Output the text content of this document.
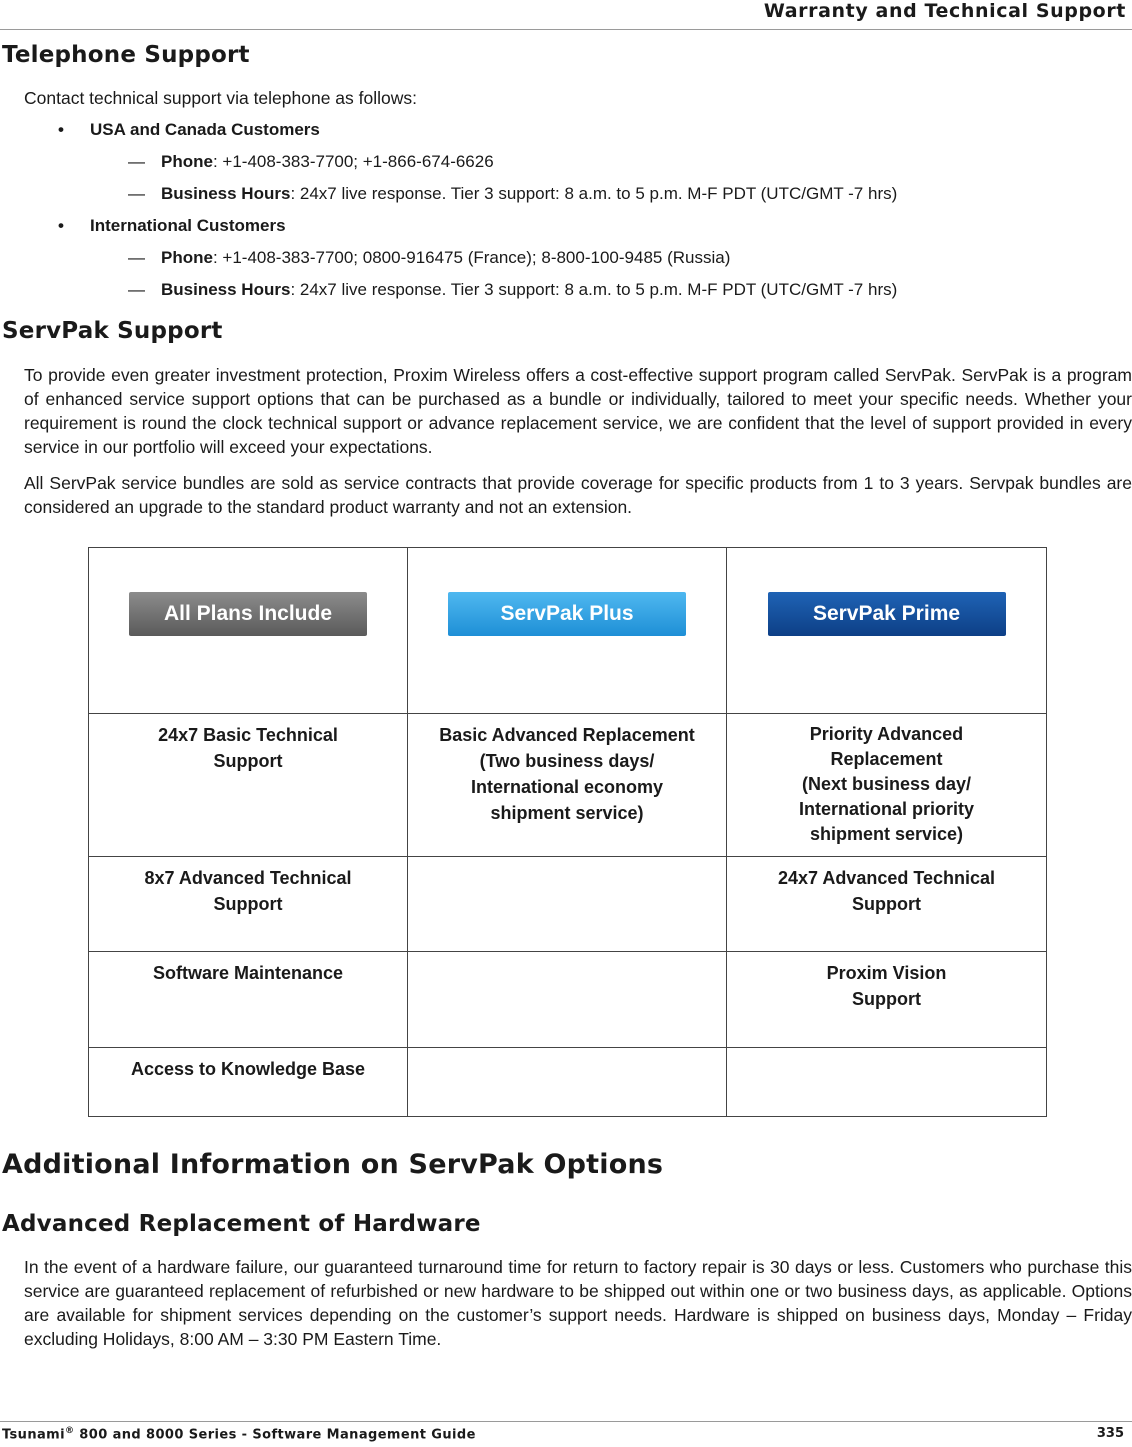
Warranty and Technical Support
Telephone Support

Contact technical support via telephone as follows:

• USA and Canada Customers
— Phone: +1-408-383-7700; +1-866-674-6626
— Business Hours: 24x7 live response. Tier 3 support: 8 a.m. to 5 p.m. M-F PDT (UTC/GMT -7 hrs)
• International Customers
— Phone: +1-408-383-7700; 0800-916475 (France); 8-800-100-9485 (Russia)
— Business Hours: 24x7 live response. Tier 3 support: 8 a.m. to 5 p.m. M-F PDT (UTC/GMT -7 hrs)
ServPak Support

To provide even greater investment protection, Proxim Wireless offers a cost-effective support program called ServPak. ServPak is a program of enhanced service support options that can be purchased as a bundle or individually, tailored to meet your specific needs. Whether your requirement is round the clock technical support or advance replacement service, we are confident that the level of support provided in every service in our portfolio will exceed your expectations.

All ServPak service bundles are sold as service contracts that provide coverage for specific products from 1 to 3 years. Servpak bundles are considered an upgrade to the standard product warranty and not an extension.

All Plans Include	ServPak Plus	ServPak Prime

24x7 Basic Technical
Support	Basic Advanced Replacement
(Two business days/
International economy
shipment service)	Priority Advanced
Replacement
(Next business day/
International priority
shipment service)

8x7 Advanced Technical
Support		24x7 Advanced Technical
Support

Software Maintenance		Proxim Vision
Support

Access to Knowledge Base		

Additional Information on ServPak Options
Advanced Replacement of Hardware

In the event of a hardware failure, our guaranteed turnaround time for return to factory repair is 30 days or less. Customers who purchase this service are guaranteed replacement of refurbished or new hardware to be shipped out within one or two business days, as applicable. Options are available for shipment services depending on the customer’s support needs. Hardware is shipped on business days, Monday – Friday excluding Holidays, 8:00 AM – 3:30 PM Eastern Time.

Tsunami® 800 and 8000 Series - Software Management Guide	335
